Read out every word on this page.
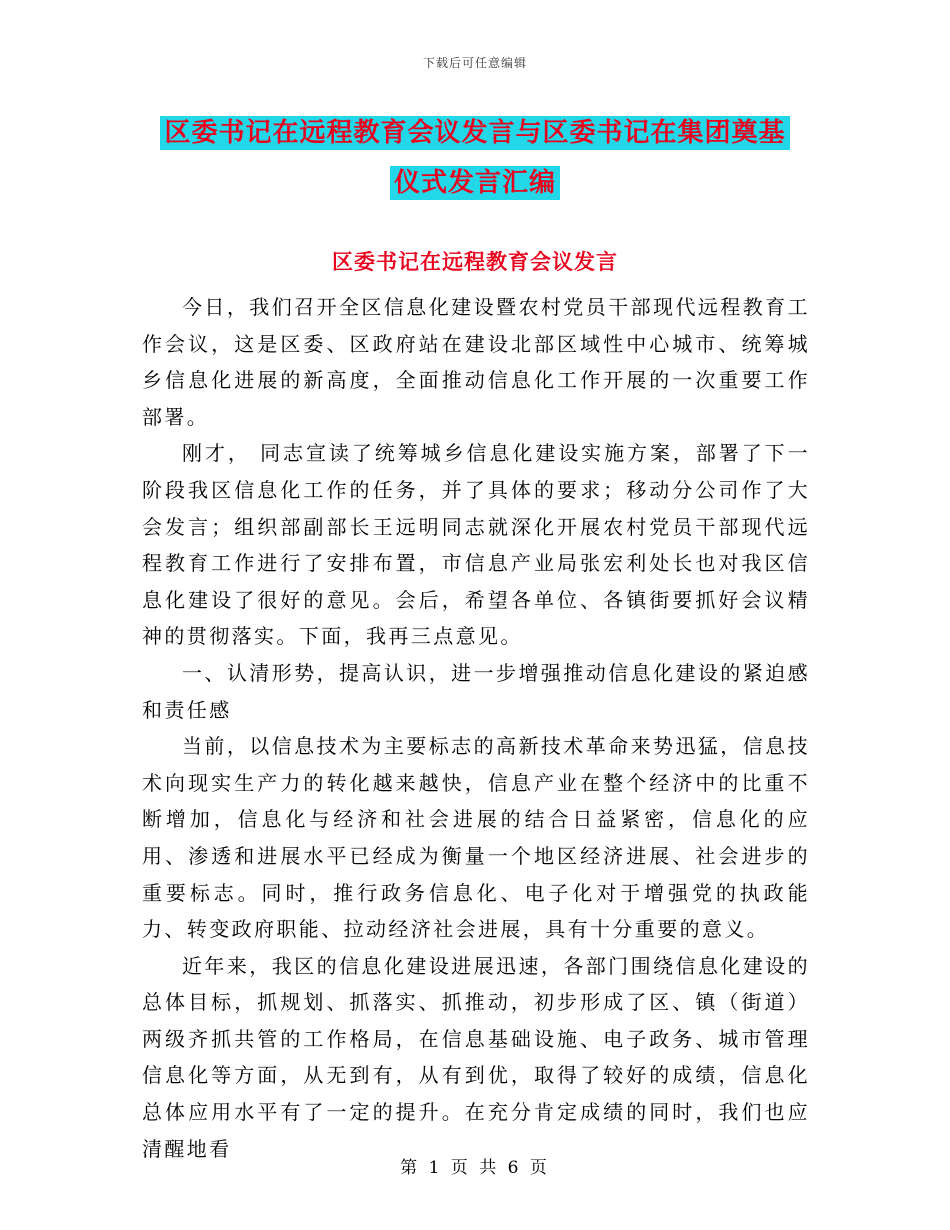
下载后可任意编辑
区委书记在远程教育会议发言与区委书记在集团奠基
仪式发言汇编
区委书记在远程教育会议发言

今日，我们召开全区信息化建设暨农村党员干部现代远程教育工作会议，这是区委、区政府站在建设北部区域性中心城市、统筹城乡信息化进展的新高度，全面推动信息化工作开展的一次重要工作部署。

刚才， 同志宣读了统筹城乡信息化建设实施方案，部署了下一阶段我区信息化工作的任务，并了具体的要求；移动分公司作了大会发言；组织部副部长王远明同志就深化开展农村党员干部现代远程教育工作进行了安排布置，市信息产业局张宏利处长也对我区信息化建设了很好的意见。会后，希望各单位、各镇街要抓好会议精神的贯彻落实。下面，我再三点意见。

一、认清形势，提高认识，进一步增强推动信息化建设的紧迫感和责任感

当前，以信息技术为主要标志的高新技术革命来势迅猛，信息技术向现实生产力的转化越来越快，信息产业在整个经济中的比重不断增加，信息化与经济和社会进展的结合日益紧密，信息化的应用、渗透和进展水平已经成为衡量一个地区经济进展、社会进步的重要标志。同时，推行政务信息化、电子化对于增强党的执政能力、转变政府职能、拉动经济社会进展，具有十分重要的意义。

近年来，我区的信息化建设进展迅速，各部门围绕信息化建设的总体目标，抓规划、抓落实、抓推动，初步形成了区、镇（街道）两级齐抓共管的工作格局，在信息基础设施、电子政务、城市管理信息化等方面，从无到有，从有到优，取得了较好的成绩，信息化总体应用水平有了一定的提升。在充分肯定成绩的同时，我们也应清醒地看

第 1 页 共 6 页
